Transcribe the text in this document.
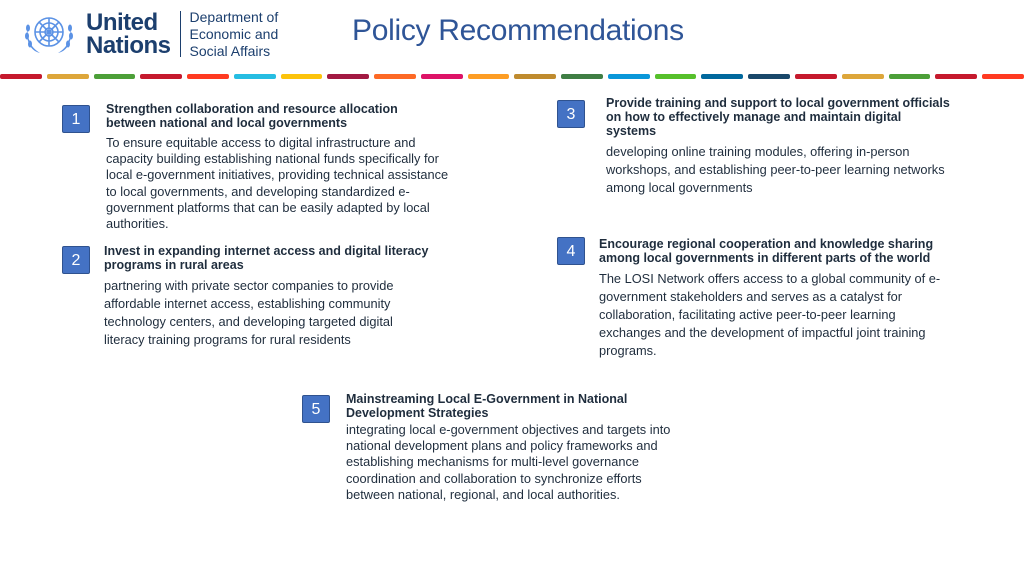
United
Nations
Department of
Economic and
Social Affairs
Policy Recommendations
1
Strengthen collaboration and resource allocation between national and local governments
To ensure equitable access to digital infrastructure and capacity building establishing national funds specifically for local e-government initiatives, providing technical assistance to local governments, and developing standardized e-government platforms that can be easily adapted by local authorities.
2
Invest in expanding internet access and digital literacy programs in rural areas
partnering with private sector companies to provide affordable internet access, establishing community technology centers, and developing targeted digital literacy training programs for rural residents
3
Provide training and support to local government officials on how to effectively manage and maintain digital systems
developing online training modules, offering in-person workshops, and establishing peer-to-peer learning networks among local governments
4	Encourage regional cooperation and knowledge sharing among local governments in different parts of the world
The LOSI Network offers access to a global community of e-government stakeholders and serves as a catalyst for collaboration, facilitating active peer-to-peer learning exchanges and the development of impactful joint training programs.
5
Mainstreaming Local E-Government in National Development Strategies
integrating local e-government objectives and targets into national development plans and policy frameworks and establishing mechanisms for multi-level governance coordination and collaboration to synchronize efforts between national, regional, and local authorities.
